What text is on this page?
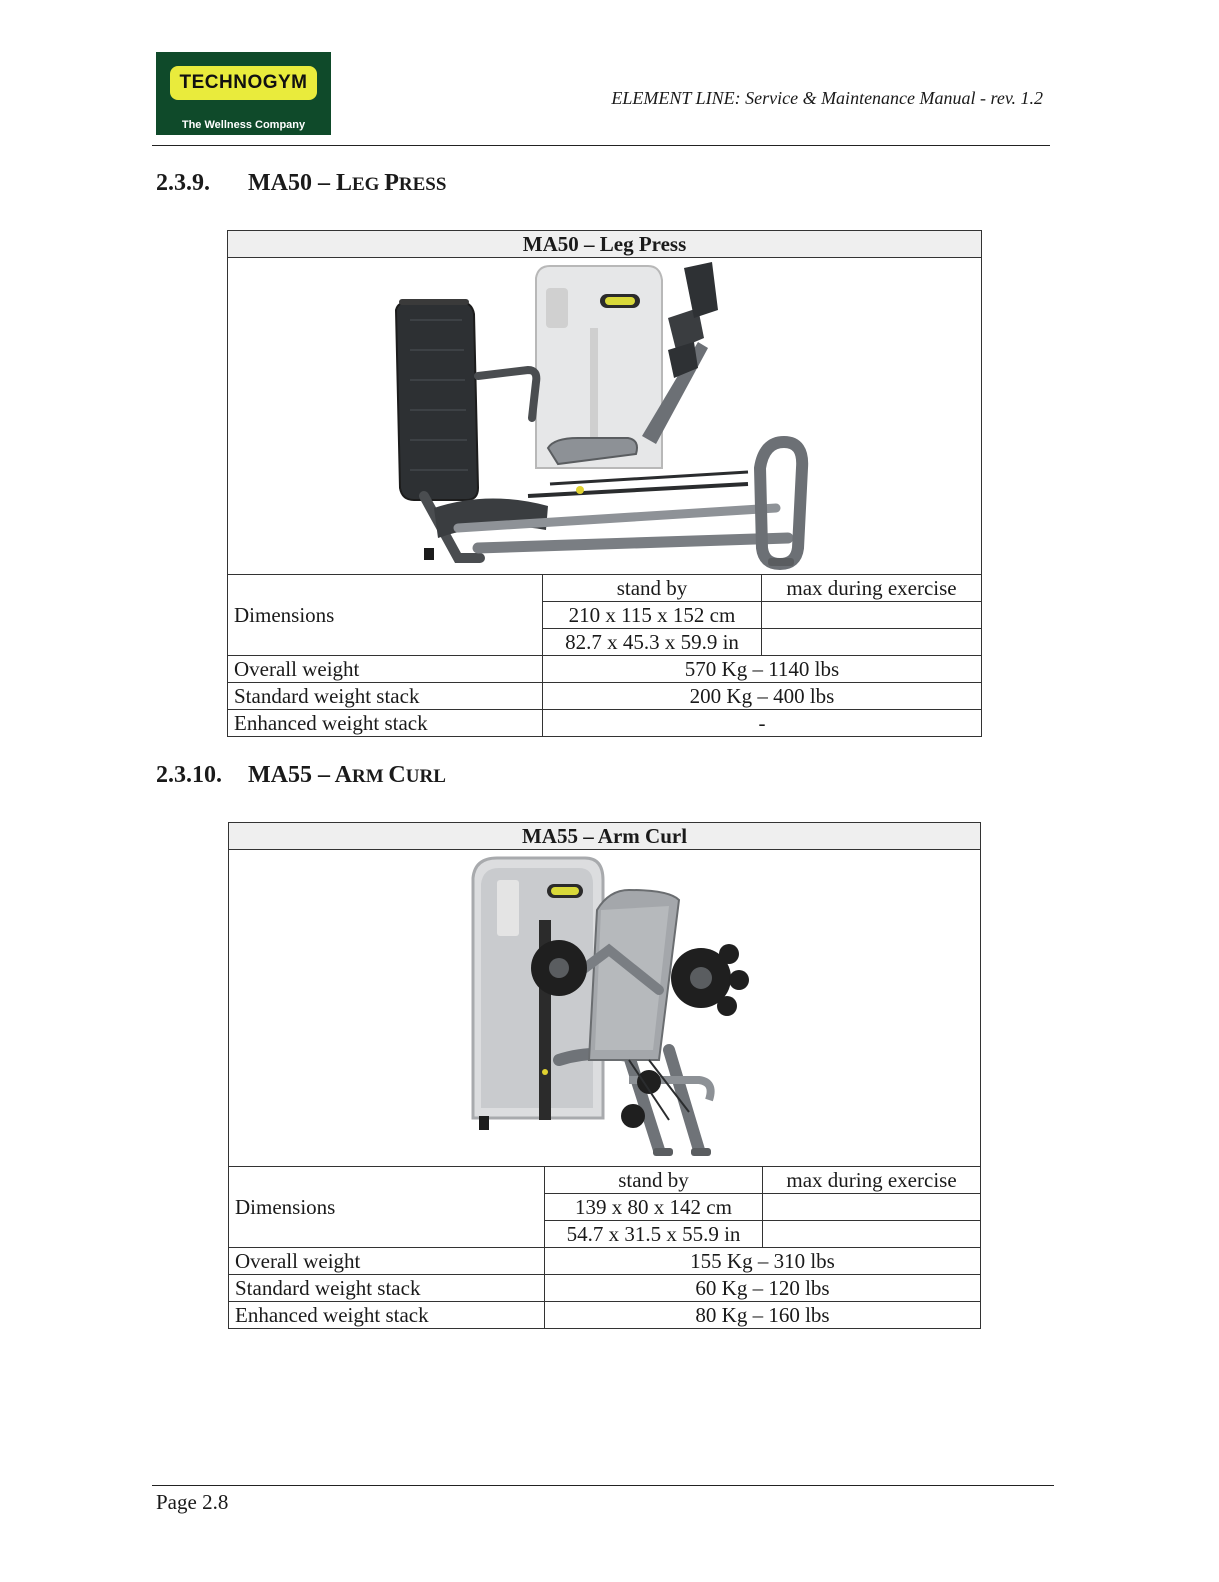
TECHNOGYM
The Wellness Company
ELEMENT LINE: Service & Maintenance Manual - rev. 1.2
2.3.9. MA50 – LEG PRESS
MA50 – Leg Press		

Dimensions	stand by	max during exercise
	210 x 115 x 152 cm	
	82.7 x 45.3 x 59.9 in	
Overall weight	570 Kg – 1140 lbs	
Standard weight stack	200 Kg – 400 lbs	
Enhanced weight stack	-	
2.3.10. MA55 – ARM CURL
MA55 – Arm Curl		

Dimensions	stand by	max during exercise
	139 x 80 x 142 cm	
	54.7 x 31.5 x 55.9 in	
Overall weight	155 Kg – 310 lbs	
Standard weight stack	60 Kg – 120 lbs	
Enhanced weight stack	80 Kg – 160 lbs	
Page 2.8
